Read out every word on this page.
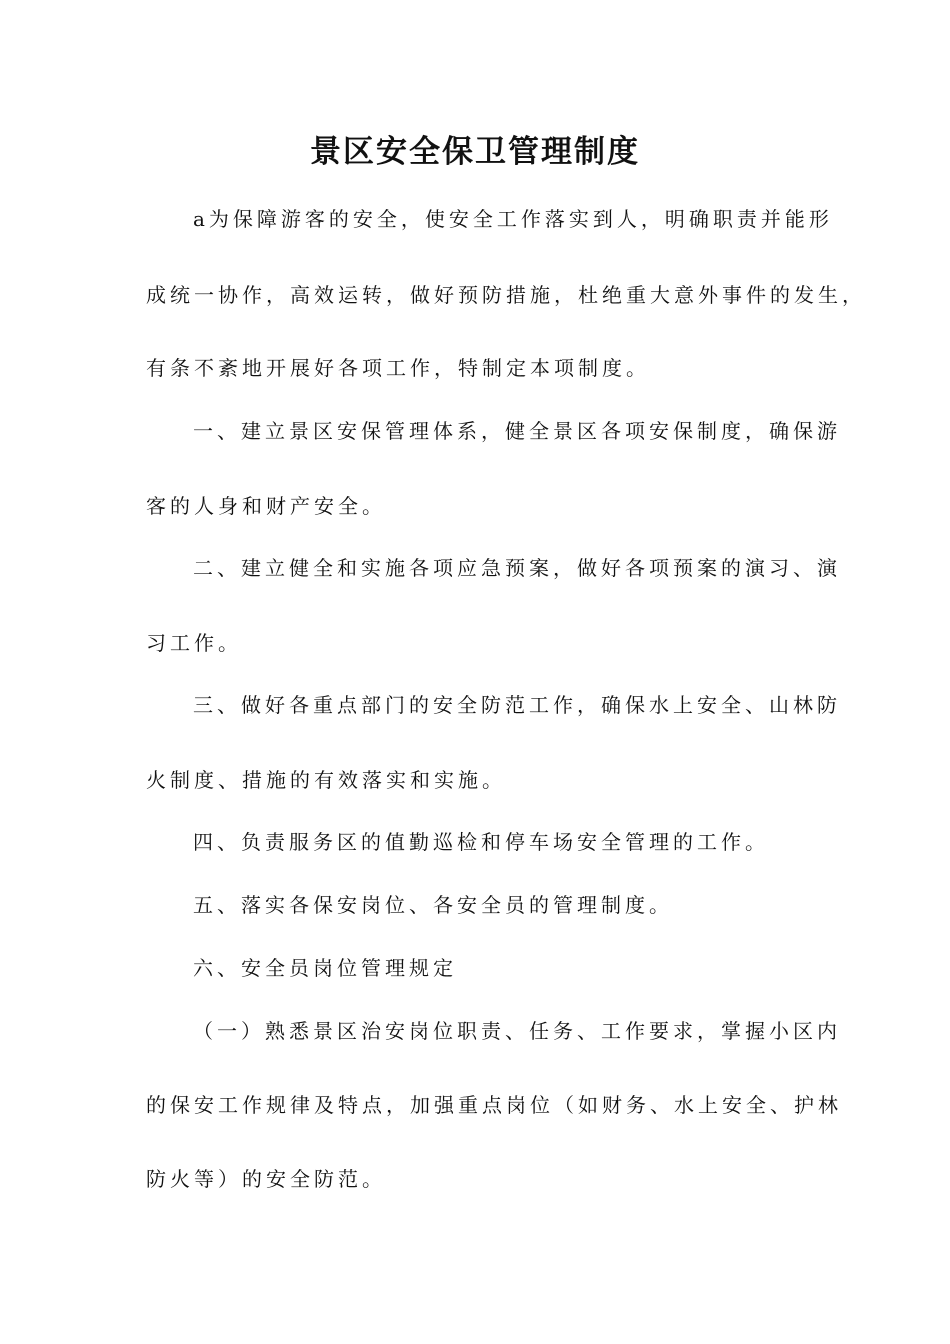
景区安全保卫管理制度
a为保障游客的安全，使安全工作落实到人，明确职责并能形
成统一协作，高效运转，做好预防措施，杜绝重大意外事件的发生，
有条不紊地开展好各项工作，特制定本项制度。
一、建立景区安保管理体系，健全景区各项安保制度，确保游
客的人身和财产安全。
二、建立健全和实施各项应急预案，做好各项预案的演习、演
习工作。
三、做好各重点部门的安全防范工作，确保水上安全、山林防
火制度、措施的有效落实和实施。
四、负责服务区的值勤巡检和停车场安全管理的工作。
五、落实各保安岗位、各安全员的管理制度。
六、安全员岗位管理规定
（一）熟悉景区治安岗位职责、任务、工作要求，掌握小区内
的保安工作规律及特点，加强重点岗位（如财务、水上安全、护林
防火等）的安全防范。
